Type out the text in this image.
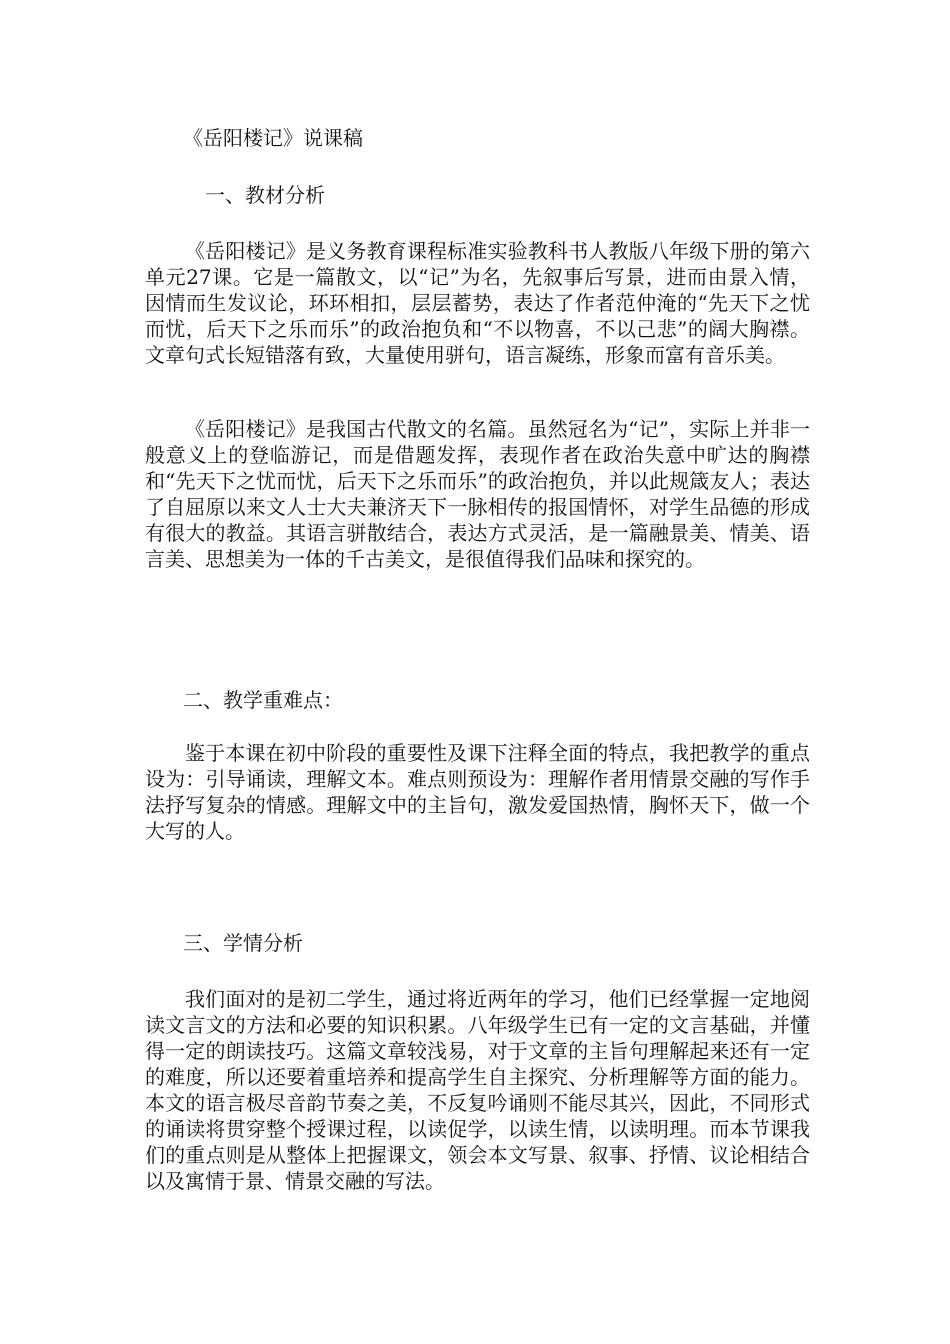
《岳阳楼记》说课稿
一、教材分析

《岳阳楼记》是义务教育课程标准实验教科书人教版八年级下册的第六单元27课。它是一篇散文，以“记”为名，先叙事后写景，进而由景入情，因情而生发议论，环环相扣，层层蓄势，表达了作者范仲淹的“先天下之忧而忧，后天下之乐而乐”的政治抱负和“不以物喜，不以己悲”的阔大胸襟。文章句式长短错落有致，大量使用骈句，语言凝练，形象而富有音乐美。

《岳阳楼记》是我国古代散文的名篇。虽然冠名为“记”，实际上并非一般意义上的登临游记，而是借题发挥，表现作者在政治失意中旷达的胸襟和“先天下之忧而忧，后天下之乐而乐”的政治抱负，并以此规箴友人；表达了自屈原以来文人士大夫兼济天下一脉相传的报国情怀，对学生品德的形成有很大的教益。其语言骈散结合，表达方式灵活，是一篇融景美、情美、语言美、思想美为一体的千古美文，是很值得我们品味和探究的。

二、教学重难点：

鉴于本课在初中阶段的重要性及课下注释全面的特点，我把教学的重点设为：引导诵读，理解文本。难点则预设为：理解作者用情景交融的写作手法抒写复杂的情感。理解文中的主旨句，激发爱国热情，胸怀天下，做一个大写的人。

三、学情分析

我们面对的是初二学生，通过将近两年的学习，他们已经掌握一定地阅读文言文的方法和必要的知识积累。八年级学生已有一定的文言基础，并懂得一定的朗读技巧。这篇文章较浅易，对于文章的主旨句理解起来还有一定的难度，所以还要着重培养和提高学生自主探究、分析理解等方面的能力。本文的语言极尽音韵节奏之美，不反复吟诵则不能尽其兴，因此，不同形式的诵读将贯穿整个授课过程，以读促学，以读生情，以读明理。而本节课我们的重点则是从整体上把握课文，领会本文写景、叙事、抒情、议论相结合以及寓情于景、情景交融的写法。
